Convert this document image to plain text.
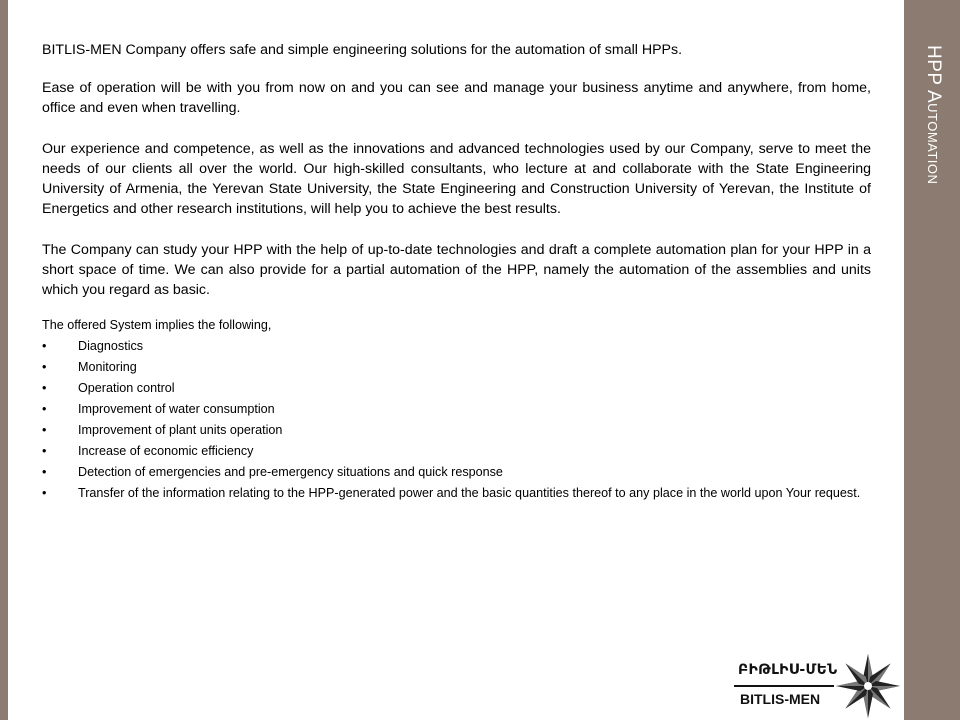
HPP Automation

BITLIS-MEN Company offers safe and simple engineering solutions for the automation of small HPPs.

Ease of operation will be with you from now on and you can see and manage your business anytime and anywhere, from home, office and even when travelling.

Our experience and competence, as well as the innovations and advanced technologies used by our Company, serve to meet the needs of our clients all over the world. Our high-skilled consultants, who lecture at and collaborate with the State Engineering University of Armenia, the Yerevan State University, the State Engineering and Construction University of Yerevan, the Institute of Energetics and other research institutions, will help you to achieve the best results.

The Company can study your HPP with the help of up-to-date technologies and draft a complete automation plan for your HPP in a short space of time. We can also provide for a partial automation of the HPP, namely the automation of the assemblies and units which you regard as basic.

The offered System implies the following,

•	Diagnostics
•	Monitoring
•	Operation control
•	Improvement of water consumption
•	Improvement of plant units operation
•	Increase of economic efficiency
•	Detection of emergencies and pre-emergency situations and quick response
•	Transfer of the information relating to the HPP-generated power and the basic quantities thereof to any place in the world upon Your request.
ԲԻԹԼԻՍ-ՄԵՆ
BITLIS-MEN
